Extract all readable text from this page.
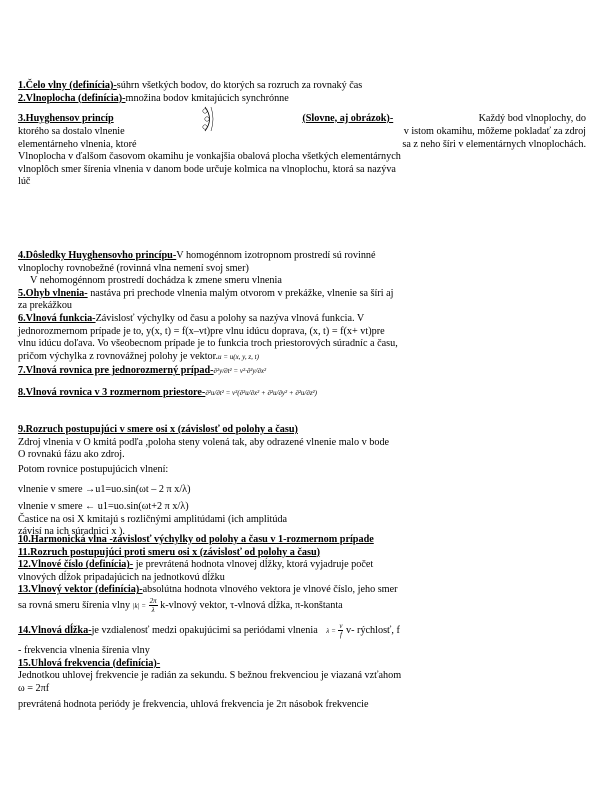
1.Čelo vlny (definícia)-súhrn všetkých bodov, do ktorých sa rozruch za rovnaký čas

2.Vlnoplocha (definícia)-množina bodov kmitajúcich synchrónne

3.Huyghensov princíp	(Slovne, aj obrázok)-	Každý bod vlnoplochy, do

ktorého sa dostalo vlnenie	v istom okamihu, môžeme pokladať za zdroj

elementárneho vlnenia, ktoré	sa z neho šíri v elementárnych vlnoplochách.

Vlnoplocha v ďalšom časovom okamihu je vonkajšia obalová plocha všetkých elementárnych

vlnoplôch smer šírenia vlnenia v danom bode určuje kolmica na vlnoplochu, ktorá sa nazýva

lúč

4.Dôsledky Huyghensovho princípu-V homogénnom izotropnom prostredí sú rovinné

vlnoplochy rovnobežné (rovinná vlna nemení svoj smer)

V nehomogénnom prostredí dochádza k zmene smeru vlnenia

5.Ohyb vlnenia- nastáva pri prechode vlnenia malým otvorom v prekážke, vlnenie sa šíri aj

za prekážkou

6.Vlnová funkcia-Závislosť výchylky od času a polohy sa nazýva vlnová funkcia. V

jednorozmernom prípade je to, y(x, t) = f(x–vt)pre vlnu idúcu doprava, (x, t) = f(x+ vt)pre

vlnu idúcu doľava. Vo všeobecnom prípade je to funkcia troch priestorových súradníc a času,

pričom výchylka z rovnovážnej polohy je vektor.u = u(x, y, z, t)

7.Vlnová rovnica pre jednorozmerný prípad-∂²y/∂t² = v²·∂²y/∂x²

8.Vlnová rovnica v 3 rozmernom priestore-∂²u/∂t² = v²(∂²u/∂x² + ∂²u/∂y² + ∂²u/∂z²)

9.Rozruch postupujúci v smere osi x (závislosť od polohy a času)

Zdroj vlnenia v O kmitá podľa ,poloha steny volená tak, aby odrazené vlnenie malo v bode

O rovnakú fázu ako zdroj.

Potom rovnice postupujúcich vlnení:

vlnenie v smere →u1=uo.sin(ωt – 2 π x/λ)

vlnenie v smere ← u1=uo.sin(ωt+2 π x/λ)

Častice na osi X kmitajú s rozličnými amplitúdami (ich amplitúda

závisí na ich súradnici x ).

10.Harmonická vlna -závislosť výchylky od polohy a času v 1-rozmernom prípade

11.Rozruch postupujúci proti smeru osi x (závislosť od polohy a času)

12.Vlnové číslo (definícia)- je prevrátená hodnota vlnovej dĺžky, ktorá vyjadruje počet

vlnových dĺžok pripadajúcich na jednotkovú dĺžku

13.Vlnový vektor (definícia)-absolútna hodnota vlnového vektora je vlnové číslo, jeho smer

sa rovná smeru šírenia vlny $|k| = \frac{2\pi}{\lambda}$ k-vlnový vektor, τ-vlnová dĺžka, π-konštanta

14.Vlnová dĺžka-je vzdialenosť medzi opakujúcimi sa periódami vlnenia $\lambda = \frac{v}{f} v-$ rýchlosť, f

- frekvencia vlnenia šírenia vlny

15.Uhlová frekvencia (definícia)-

Jednotkou uhlovej frekvencie je radián za sekundu. S bežnou frekvenciou je viazaná vzťahom

ω = 2πf

prevrátená hodnota periódy je frekvencia, uhlová frekvencia je 2π násobok frekvencie
